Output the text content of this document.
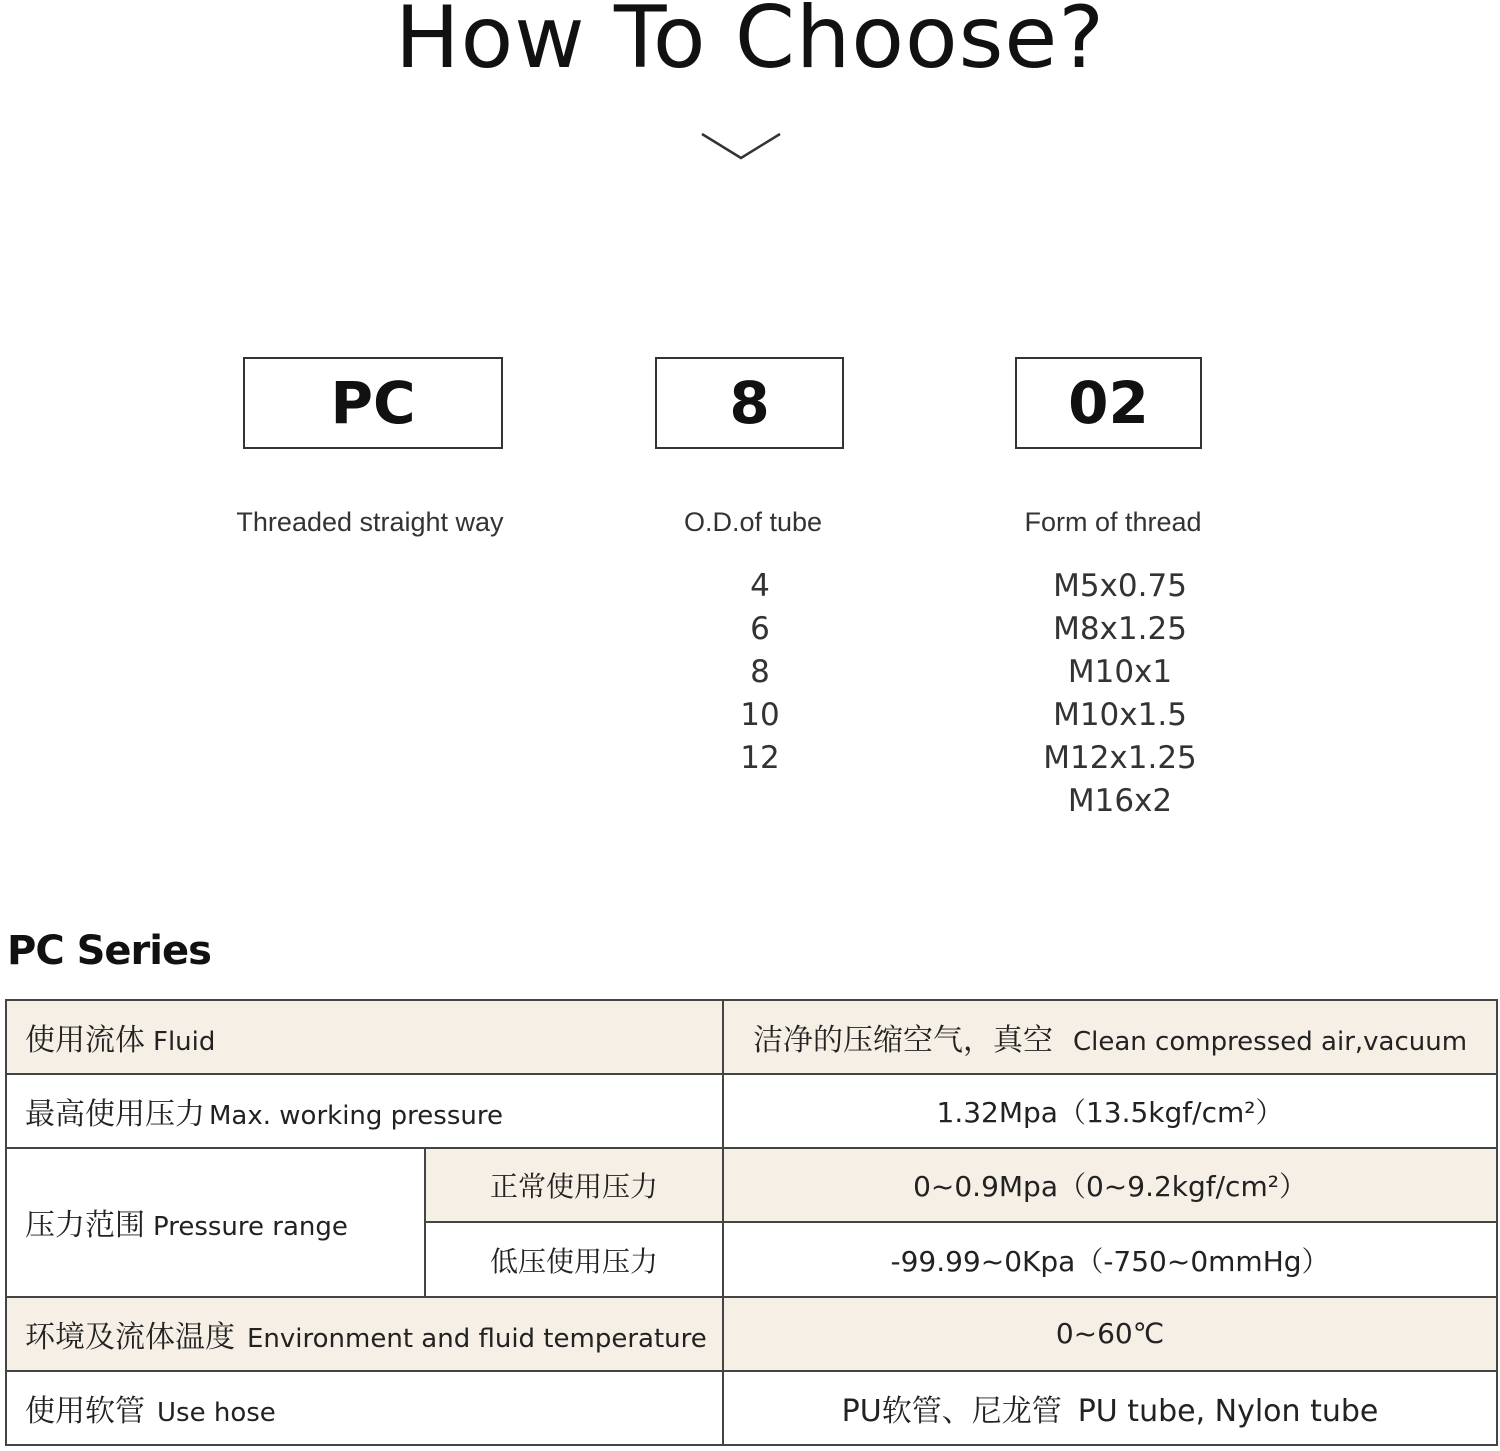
How To Choose?
PC	8	02
Threaded straight way	O.D.of tube	Form of thread
4
6
8
10
12
M5x0.75
M8x1.25
M10x1
M10x1.5
M12x1.25
M16x2
PC Series
使用流体 Fluid		洁净的压缩空气，真空 Clean compressed air,vacuum
最高使用压力 Max. working pressure		1.32Mpa（13.5kgf/cm²）
压力范围 Pressure range	正常使用压力	0~0.9Mpa（0~9.2kgf/cm²）
	低压使用压力	-99.99~0Kpa（-750~0mmHg）
环境及流体温度 Environment and fluid temperature		0~60℃
使用软管 Use hose		PU软管、尼龙管 PU tube, Nylon tube
